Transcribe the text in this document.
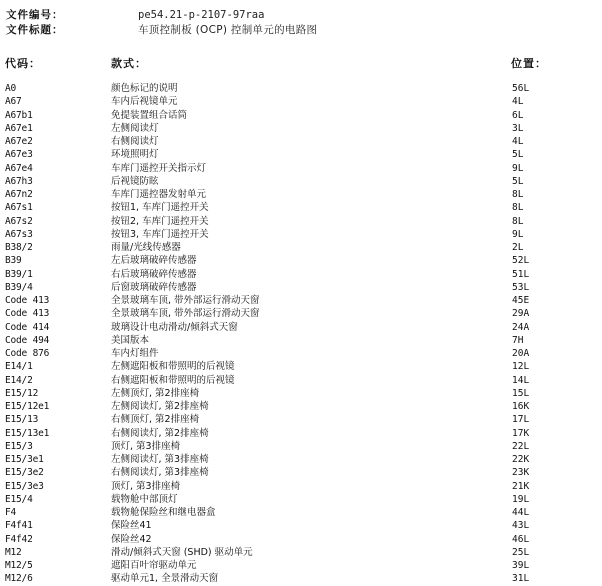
文件编号：	pe54.21-p-2107-97raa
文件标题：	车顶控制板 (OCP) 控制单元的电路图
代码：	款式：	位置：
A0	颜色标记的说明	56L
A67	车内后视镜单元	4L
A67b1	免提装置组合话筒	6L
A67e1	左侧阅读灯	3L
A67e2	右侧阅读灯	4L
A67e3	环境照明灯	5L
A67e4	车库门遥控开关指示灯	9L
A67h3	后视镜防眩	5L
A67n2	车库门遥控器发射单元	8L
A67s1	按钮1, 车库门遥控开关	8L
A67s2	按钮2, 车库门遥控开关	8L
A67s3	按钮3, 车库门遥控开关	9L
B38/2	雨量/光线传感器	2L
B39	左后玻璃破碎传感器	52L
B39/1	右后玻璃破碎传感器	51L
B39/4	后窗玻璃破碎传感器	53L
Code 413	全景玻璃车顶, 带外部运行滑动天窗	45E
Code 413	全景玻璃车顶, 带外部运行滑动天窗	29A
Code 414	玻璃设计电动滑动/倾斜式天窗	24A
Code 494	美国版本	7H
Code 876	车内灯组件	20A
E14/1	左侧遮阳板和带照明的后视镜	12L
E14/2	右侧遮阳板和带照明的后视镜	14L
E15/12	左侧顶灯, 第2排座椅	15L
E15/12e1	左侧阅读灯, 第2排座椅	16K
E15/13	右侧顶灯, 第2排座椅	17L
E15/13e1	右侧阅读灯, 第2排座椅	17K
E15/3	顶灯, 第3排座椅	22L
E15/3e1	左侧阅读灯, 第3排座椅	22K
E15/3e2	右侧阅读灯, 第3排座椅	23K
E15/3e3	顶灯, 第3排座椅	21K
E15/4	载物舱中部顶灯	19L
F4	载物舱保险丝和继电器盒	44L
F4f41	保险丝41	43L
F4f42	保险丝42	46L
M12	滑动/倾斜式天窗 (SHD) 驱动单元	25L
M12/5	遮阳百叶帘驱动单元	39L
M12/6	驱动单元1, 全景滑动天窗	31L
